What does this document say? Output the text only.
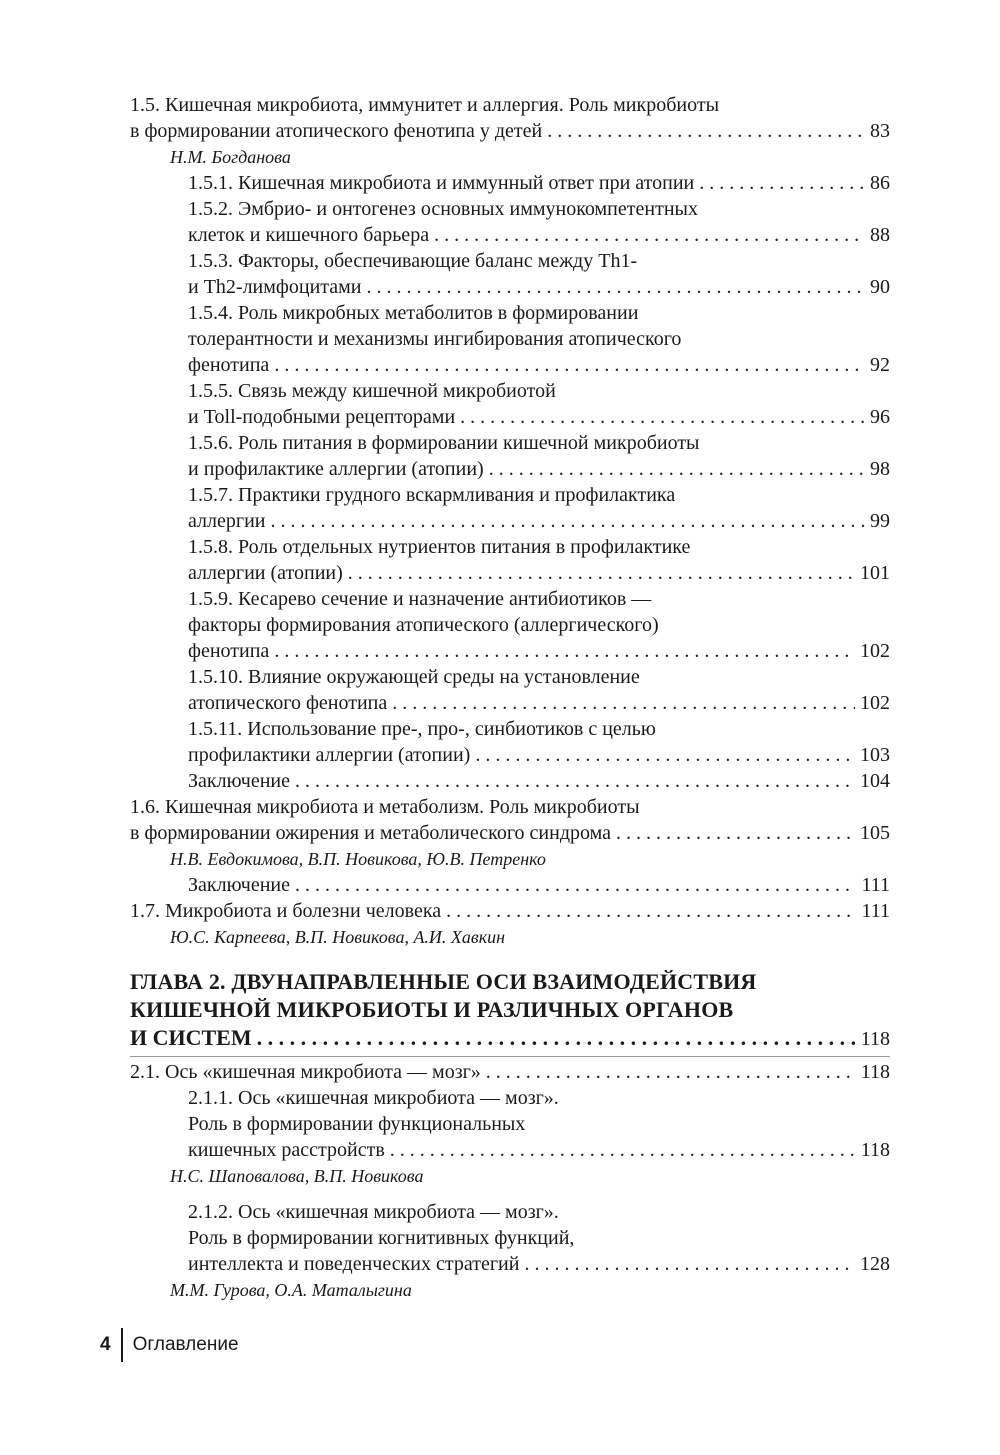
1.5. Кишечная микробиота, иммунитет и аллергия. Роль микробиоты
в формировании атопического фенотипа у детей . . .	83
Н.М. Богданова
1.5.1. Кишечная микробиота и иммунный ответ при атопии . . .	86
1.5.2. Эмбрио- и онтогенез основных иммунокомпетентных
клеток и кишечного барьера . . .	88
1.5.3. Факторы, обеспечивающие баланс между Th1-
и Th2-лимфоцитами . . .	90
1.5.4. Роль микробных метаболитов в формировании
толерантности и механизмы ингибирования атопического
фенотипа . . .	92
1.5.5. Связь между кишечной микробиотой
и Toll-подобными рецепторами . . .	96
1.5.6. Роль питания в формировании кишечной микробиоты
и профилактике аллергии (атопии) . . .	98
1.5.7. Практики грудного вскармливания и профилактика
аллергии . . .	99
1.5.8. Роль отдельных нутриентов питания в профилактике
аллергии (атопии) . . .	101
1.5.9. Кесарево сечение и назначение антибиотиков —
факторы формирования атопического (аллергического)
фенотипа . . .	102
1.5.10. Влияние окружающей среды на установление
атопического фенотипа . . .	102
1.5.11. Использование пре-, про-, синбиотиков с целью
профилактики аллергии (атопии) . . .	103
Заключение . . .	104
1.6. Кишечная микробиота и метаболизм. Роль микробиоты
в формировании ожирения и метаболического синдрома . . .	105
Н.В. Евдокимова, В.П. Новикова, Ю.В. Петренко
Заключение . . .	111
1.7. Микробиота и болезни человека . . .	111
Ю.С. Карпеева, В.П. Новикова, А.И. Хавкин
ГЛАВА 2. ДВУНАПРАВЛЕННЫЕ ОСИ ВЗАИМОДЕЙСТВИЯ
КИШЕЧНОЙ МИКРОБИОТЫ И РАЗЛИЧНЫХ ОРГАНОВ
И СИСТЕМ . . .	118
2.1. Ось «кишечная микробиота — мозг» . . .	118
2.1.1. Ось «кишечная микробиота — мозг».
Роль в формировании функциональных
кишечных расстройств . . .	118
Н.С. Шаповалова, В.П. Новикова
2.1.2. Ось «кишечная микробиота — мозг».
Роль в формировании когнитивных функций,
интеллекта и поведенческих стратегий . . .	128
М.М. Гурова, О.А. Маталыгина
4	Оглавление
